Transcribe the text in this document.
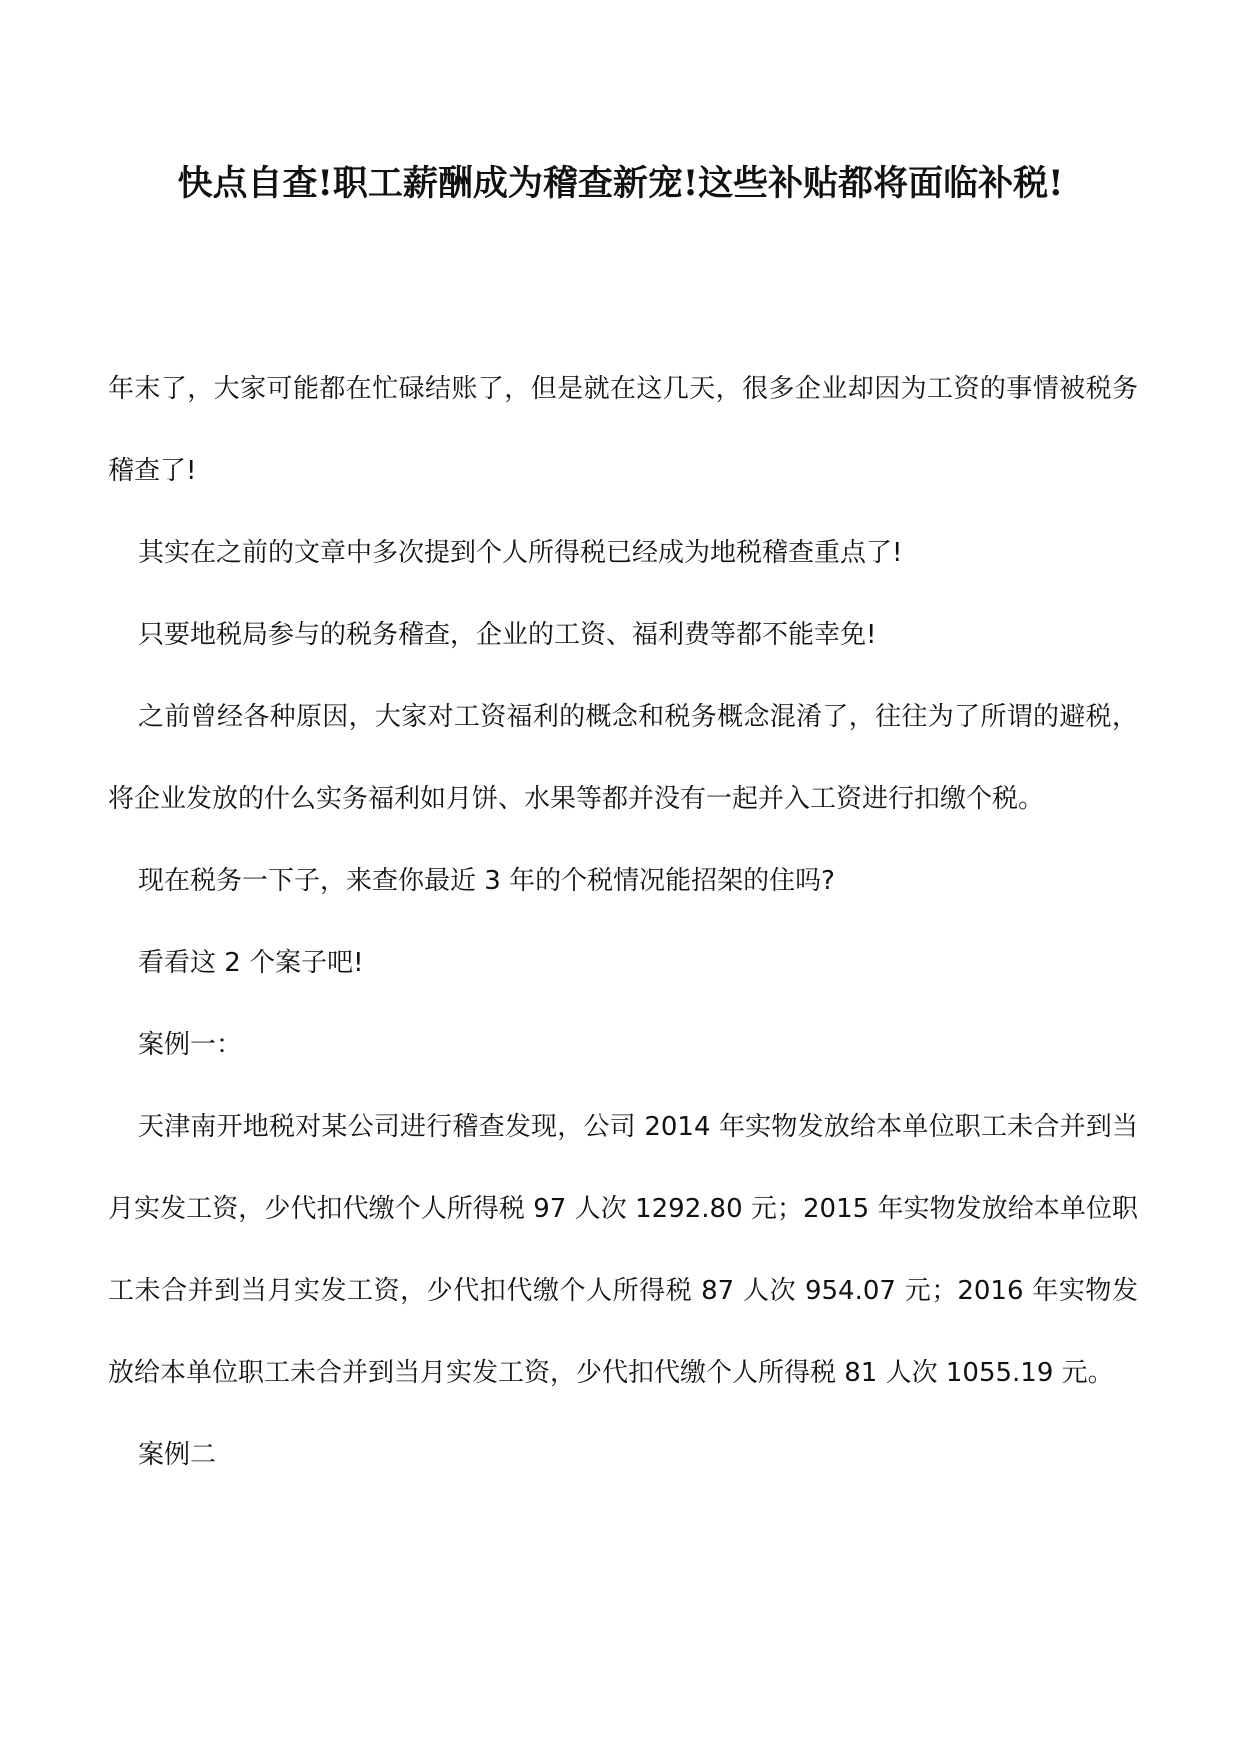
快点自查!职工薪酬成为稽查新宠!这些补贴都将面临补税!

年末了，大家可能都在忙碌结账了，但是就在这几天，很多企业却因为工资的事情被税务稽查了!

其实在之前的文章中多次提到个人所得税已经成为地税稽查重点了!

只要地税局参与的税务稽查，企业的工资、福利费等都不能幸免!

之前曾经各种原因，大家对工资福利的概念和税务概念混淆了，往往为了所谓的避税，将企业发放的什么实务福利如月饼、水果等都并没有一起并入工资进行扣缴个税。

现在税务一下子，来查你最近 3 年的个税情况能招架的住吗?

看看这 2 个案子吧!

案例一：

天津南开地税对某公司进行稽查发现，公司 2014 年实物发放给本单位职工未合并到当月实发工资，少代扣代缴个人所得税 97 人次 1292.80 元；2015 年实物发放给本单位职工未合并到当月实发工资，少代扣代缴个人所得税 87 人次 954.07 元；2016 年实物发放给本单位职工未合并到当月实发工资，少代扣代缴个人所得税 81 人次 1055.19 元。

案例二
